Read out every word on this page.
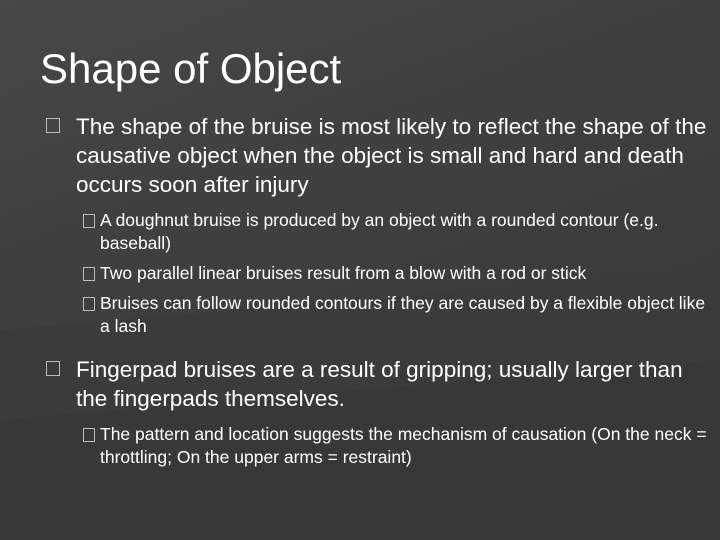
Shape of Object
The shape of the bruise is most likely to reflect the shape of the causative object when the object is small and hard and death occurs soon after injury
A doughnut bruise is produced by an object with a rounded contour (e.g. baseball)
Two parallel linear bruises result from a blow with a rod or stick
Bruises can follow rounded contours if they are caused by a flexible object like a lash
Fingerpad bruises are a result of gripping; usually larger than the fingerpads themselves.
The pattern and location suggests the mechanism of causation (On the neck = throttling; On the upper arms = restraint)
